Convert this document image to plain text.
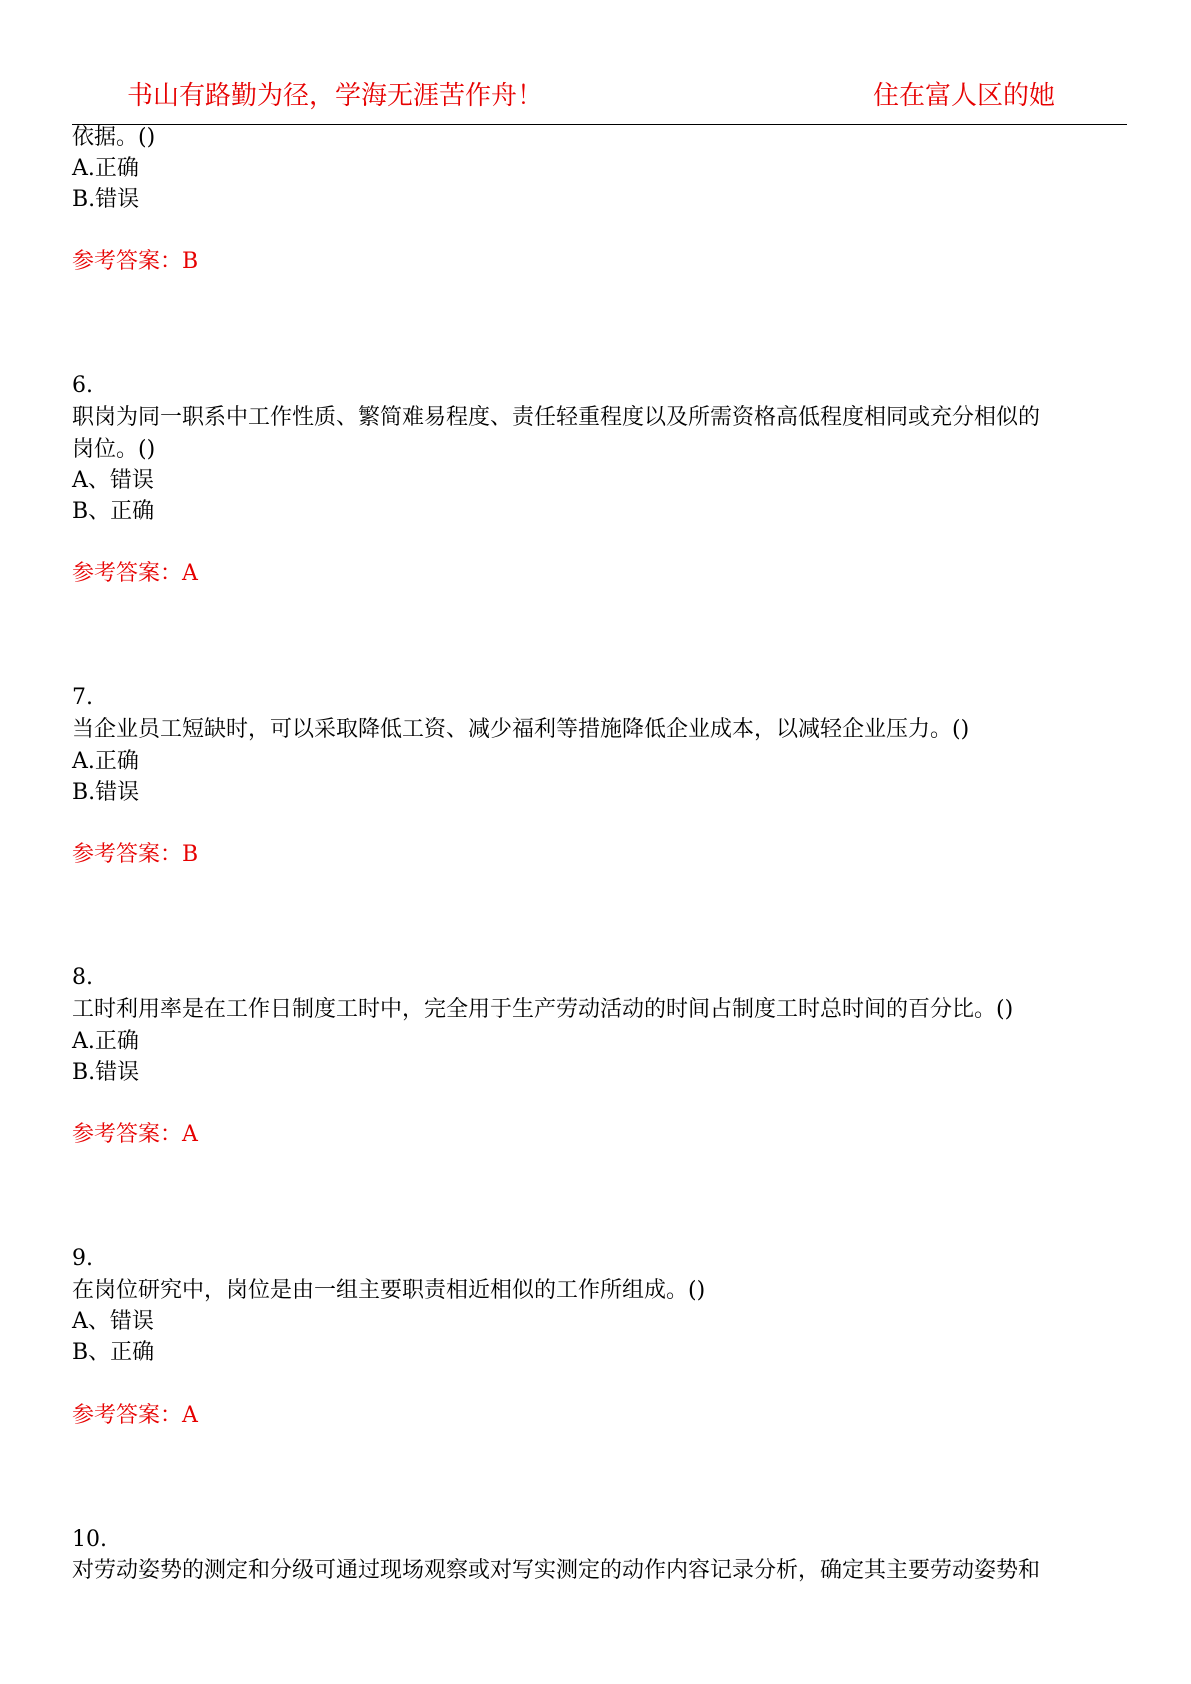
书山有路勤为径，学海无涯苦作舟！	住在富人区的她
依据。()
A.正确
B.错误
参考答案：B
6.
职岗为同一职系中工作性质、繁简难易程度、责任轻重程度以及所需资格高低程度相同或充分相似的
岗位。()
A、错误
B、正确
参考答案：A
7.
当企业员工短缺时，可以采取降低工资、减少福利等措施降低企业成本，以减轻企业压力。()
A.正确
B.错误
参考答案：B
8.
工时利用率是在工作日制度工时中，完全用于生产劳动活动的时间占制度工时总时间的百分比。()
A.正确
B.错误
参考答案：A
9.
在岗位研究中，岗位是由一组主要职责相近相似的工作所组成。()
A、错误
B、正确
参考答案：A
10.
对劳动姿势的测定和分级可通过现场观察或对写实测定的动作内容记录分析，确定其主要劳动姿势和
